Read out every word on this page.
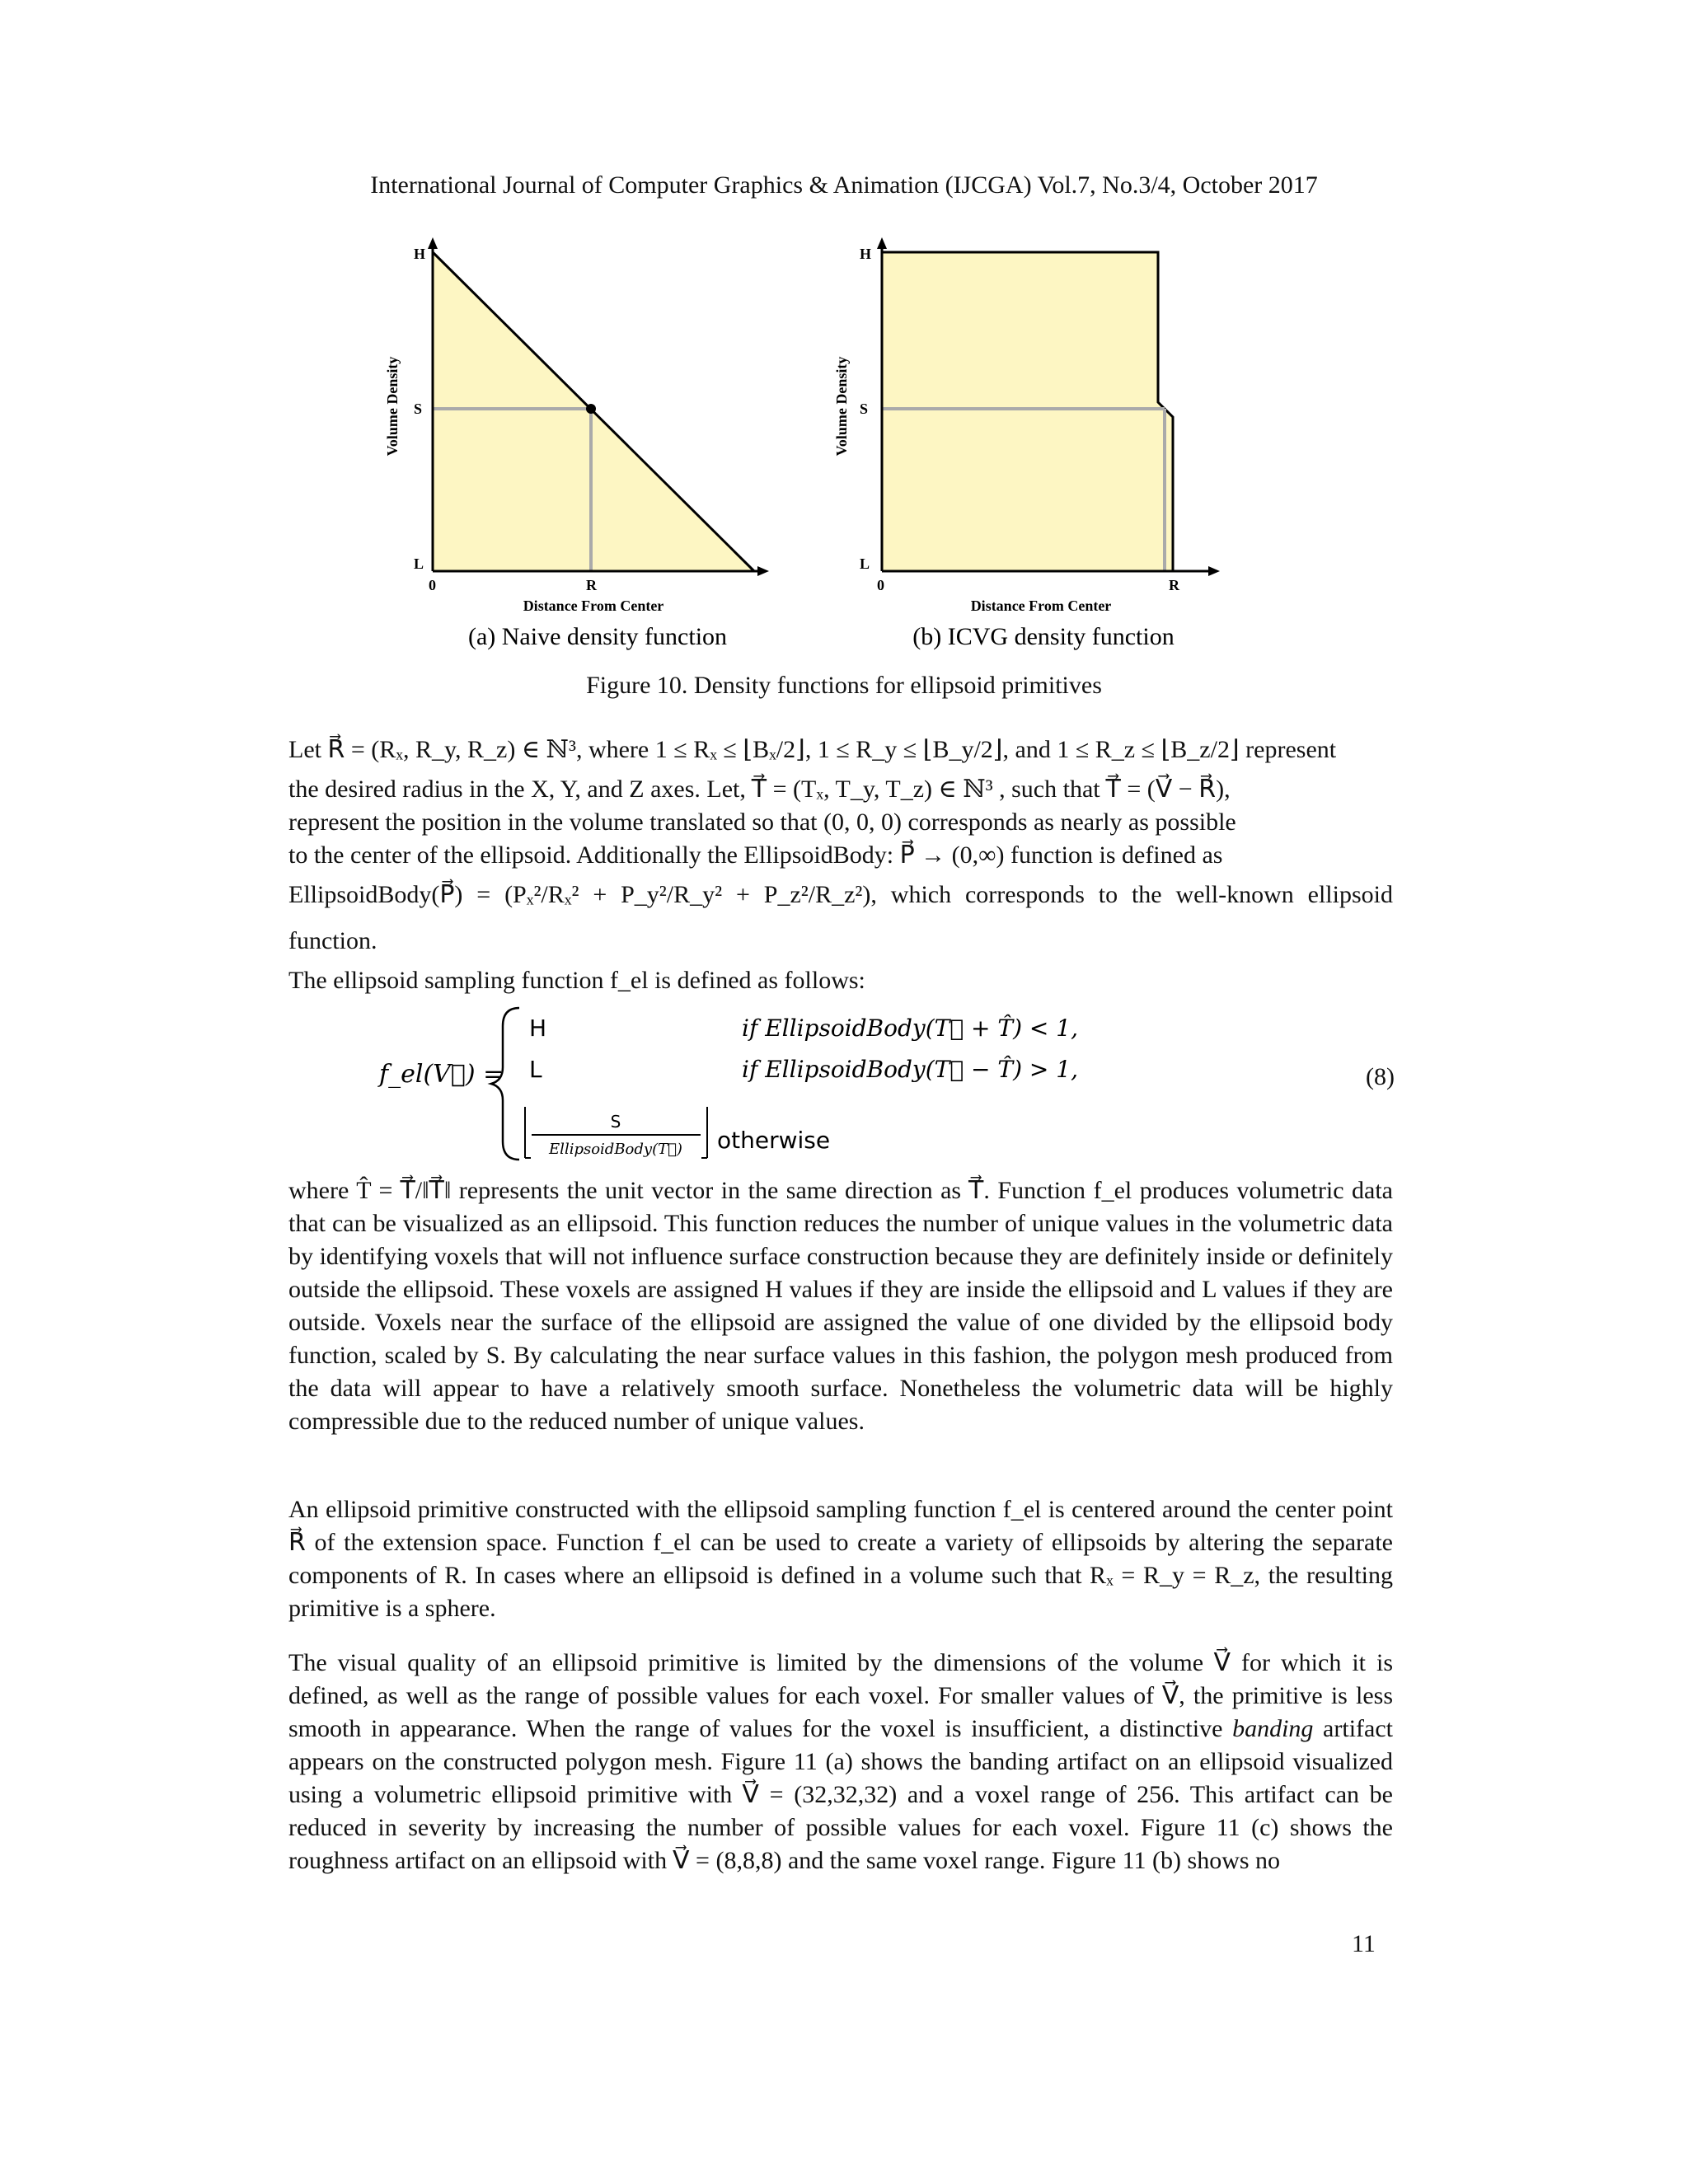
International Journal of Computer Graphics & Animation (IJCGA) Vol.7, No.3/4, October 2017
H
S
L
0	R
Distance From Center
Volume Density
H
S
L
0	R
Distance From Center
Volume Density
(a) Naive density function	(b) ICVG density function
Figure 10. Density functions for ellipsoid primitives

Let R⃗ = (Rₓ, R_y, R_z) ∈ ℕ³, where 1 ≤ Rₓ ≤ ⌊Bₓ/2⌋, 1 ≤ R_y ≤ ⌊B_y/2⌋, and 1 ≤ R_z ≤ ⌊B_z/2⌋ represent

the desired radius in the X, Y, and Z axes. Let, T⃗ = (Tₓ, T_y, T_z) ∈ ℕ³ , such that T⃗ = (V⃗ − R⃗),

represent the position in the volume translated so that (0, 0, 0) corresponds as nearly as possible

to the center of the ellipsoid. Additionally the EllipsoidBody: P⃗ → (0,∞) function is defined as

EllipsoidBody(P⃗) = (Pₓ²/Rₓ² + P_y²/R_y² + P_z²/R_z²), which corresponds to the well-known ellipsoid function.

The ellipsoid sampling function f_el is defined as follows:

f_el(V⃗) =
H	if EllipsoidBody(T⃗ + T̂) < 1,
L	if EllipsoidBody(T⃗ − T̂) > 1,
S
EllipsoidBody(T⃗) otherwise
(8)
where T̂ = T⃗/‖T⃗‖ represents the unit vector in the same direction as T⃗. Function f_el produces volumetric data that can be visualized as an ellipsoid. This function reduces the number of unique values in the volumetric data by identifying voxels that will not influence surface construction because they are definitely inside or definitely outside the ellipsoid. These voxels are assigned H values if they are inside the ellipsoid and L values if they are outside. Voxels near the surface of the ellipsoid are assigned the value of one divided by the ellipsoid body function, scaled by S. By calculating the near surface values in this fashion, the polygon mesh produced from the data will appear to have a relatively smooth surface. Nonetheless the volumetric data will be highly compressible due to the reduced number of unique values.
An ellipsoid primitive constructed with the ellipsoid sampling function f_el is centered around the center point R⃗ of the extension space. Function f_el can be used to create a variety of ellipsoids by altering the separate components of R. In cases where an ellipsoid is defined in a volume such that Rₓ = R_y = R_z, the resulting primitive is a sphere.
The visual quality of an ellipsoid primitive is limited by the dimensions of the volume V⃗ for which it is defined, as well as the range of possible values for each voxel. For smaller values of V⃗, the primitive is less smooth in appearance. When the range of values for the voxel is insufficient, a distinctive banding artifact appears on the constructed polygon mesh. Figure 11 (a) shows the banding artifact on an ellipsoid visualized using a volumetric ellipsoid primitive with V⃗ = (32,32,32) and a voxel range of 256. This artifact can be reduced in severity by increasing the number of possible values for each voxel. Figure 11 (c) shows the roughness artifact on an ellipsoid with V⃗ = (8,8,8) and the same voxel range. Figure 11 (b) shows no
11
